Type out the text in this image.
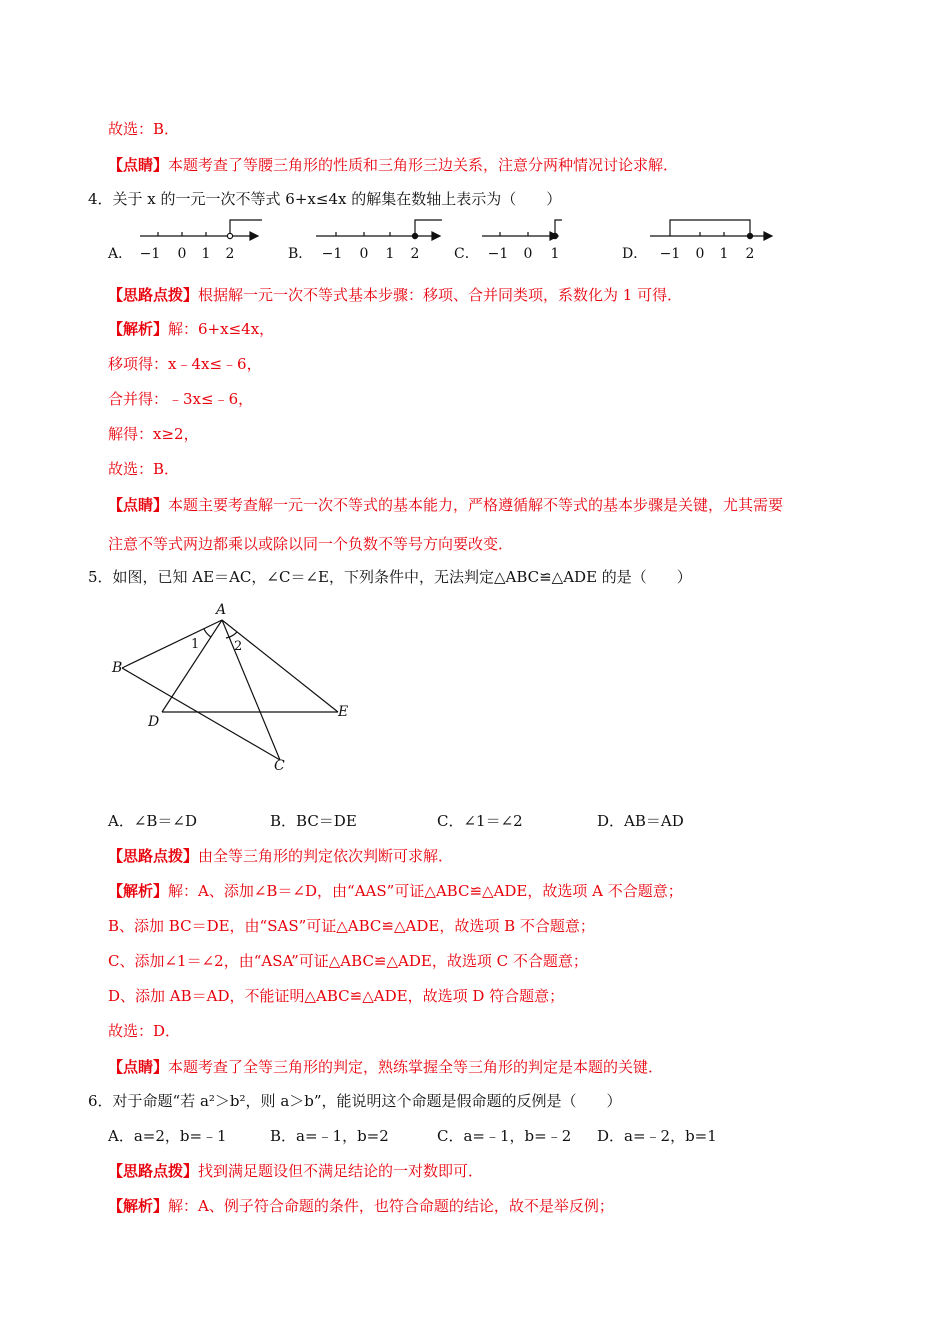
故选：B．
【点睛】本题考查了等腰三角形的性质和三角形三边关系，注意分两种情况讨论求解．
4．关于 x 的一元一次不等式 6+x≤4x 的解集在数轴上表示为（　　）
A． −1 0 1 2	B． −1 0 1 2 C． −1 0 1	D． −1 0 1 2
【思路点拨】根据解一元一次不等式基本步骤：移项、合并同类项，系数化为 1 可得．
【解析】解：6+x≤4x，
移项得：x﹣4x≤﹣6，
合并得：﹣3x≤﹣6，
解得：x≥2，
故选：B．
【点睛】本题主要考查解一元一次不等式的基本能力，严格遵循解不等式的基本步骤是关键，尤其需要
注意不等式两边都乘以或除以同一个负数不等号方向要改变．
5．如图，已知 AE＝AC，∠C＝∠E，下列条件中，无法判定△ABC≌△ADE 的是（　　）
A
B
D
E
C
1	2
A．∠B＝∠D	B．BC＝DE	C．∠1＝∠2	D．AB＝AD
【思路点拨】由全等三角形的判定依次判断可求解．
【解析】解：A、添加∠B＝∠D，由“AAS”可证△ABC≌△ADE，故选项 A 不合题意；
B、添加 BC＝DE，由“SAS”可证△ABC≌△ADE，故选项 B 不合题意；
C、添加∠1＝∠2，由“ASA”可证△ABC≌△ADE，故选项 C 不合题意；
D、添加 AB＝AD，不能证明△ABC≌△ADE，故选项 D 符合题意；
故选：D．
【点睛】本题考查了全等三角形的判定，熟练掌握全等三角形的判定是本题的关键．
6．对于命题“若 a²＞b²，则 a＞b”，能说明这个命题是假命题的反例是（　　）
A．a=2，b=﹣1	B．a=﹣1，b=2	C．a=﹣1，b=﹣2 D．a=﹣2，b=1
【思路点拨】找到满足题设但不满足结论的一对数即可．
【解析】解：A、例子符合命题的条件，也符合命题的结论，故不是举反例；
